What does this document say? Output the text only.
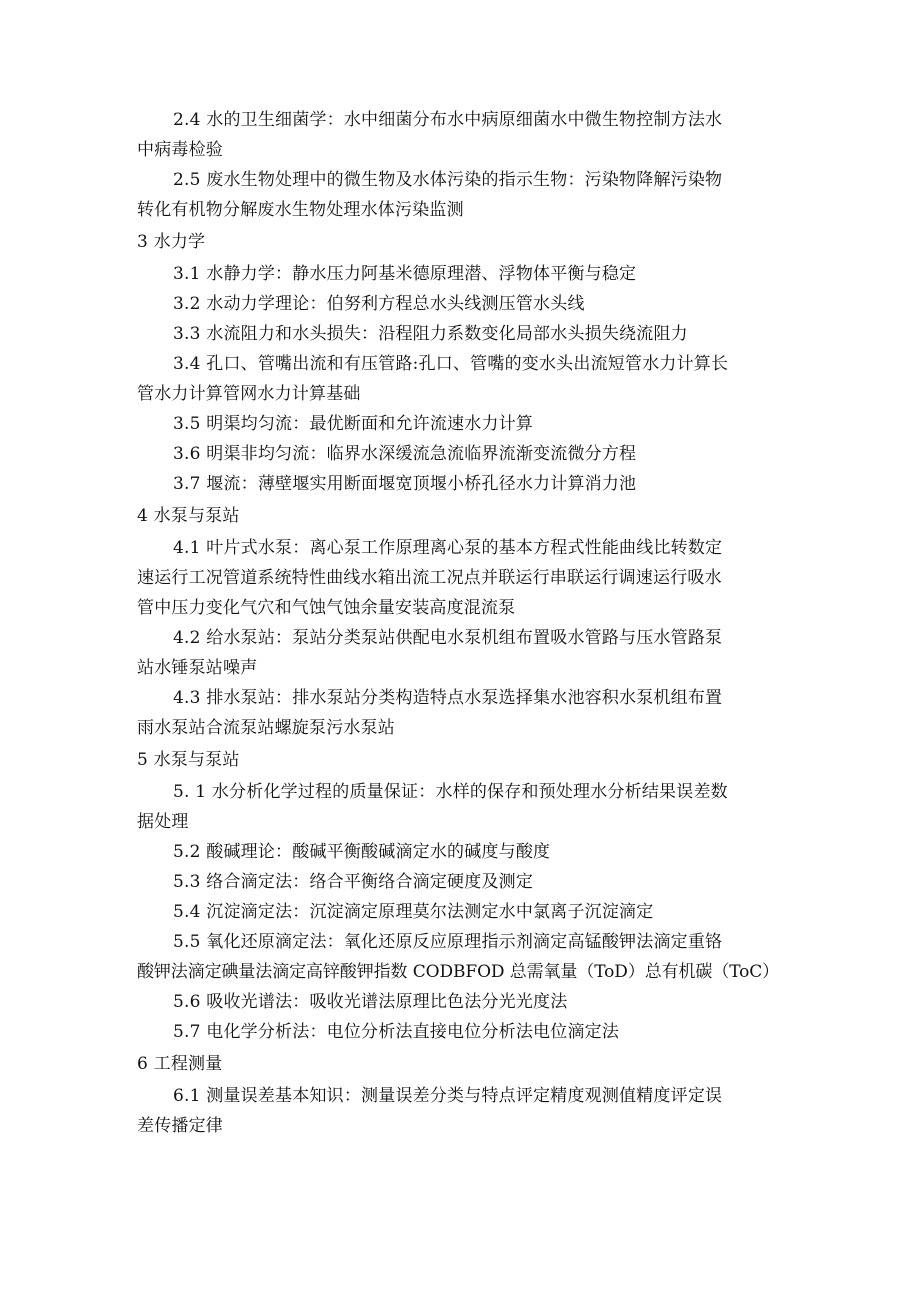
2.4 水的卫生细菌学：水中细菌分布水中病原细菌水中微生物控制方法水
中病毒检验
2.5 废水生物处理中的微生物及水体污染的指示生物：污染物降解污染物
转化有机物分解废水生物处理水体污染监测
3 水力学
3.1 水静力学：静水压力阿基米德原理潜、浮物体平衡与稳定
3.2 水动力学理论：伯努利方程总水头线测压管水头线
3.3 水流阻力和水头损失：沿程阻力系数变化局部水头损失绕流阻力
3.4 孔口、管嘴出流和有压管路:孔口、管嘴的变水头出流短管水力计算长
管水力计算管网水力计算基础
3.5 明渠均匀流：最优断面和允许流速水力计算
3.6 明渠非均匀流：临界水深缓流急流临界流渐变流微分方程
3.7 堰流：薄壁堰实用断面堰宽顶堰小桥孔径水力计算消力池
4 水泵与泵站
4.1 叶片式水泵：离心泵工作原理离心泵的基本方程式性能曲线比转数定
速运行工况管道系统特性曲线水箱出流工况点并联运行串联运行调速运行吸水
管中压力变化气穴和气蚀气蚀余量安装高度混流泵
4.2 给水泵站：泵站分类泵站供配电水泵机组布置吸水管路与压水管路泵
站水锤泵站噪声
4.3 排水泵站：排水泵站分类构造特点水泵选择集水池容积水泵机组布置
雨水泵站合流泵站螺旋泵污水泵站
5 水泵与泵站
5. 1 水分析化学过程的质量保证：水样的保存和预处理水分析结果误差数
据处理
5.2 酸碱理论：酸碱平衡酸碱滴定水的碱度与酸度
5.3 络合滴定法：络合平衡络合滴定硬度及测定
5.4 沉淀滴定法：沉淀滴定原理莫尔法测定水中氯离子沉淀滴定
5.5 氧化还原滴定法：氧化还原反应原理指示剂滴定高锰酸钾法滴定重铬
酸钾法滴定碘量法滴定高锌酸钾指数 CODBFOD 总需氧量（ToD）总有机碳（ToC）
5.6 吸收光谱法：吸收光谱法原理比色法分光光度法
5.7 电化学分析法：电位分析法直接电位分析法电位滴定法
6 工程测量
6.1 测量误差基本知识：测量误差分类与特点评定精度观测值精度评定误
差传播定律
